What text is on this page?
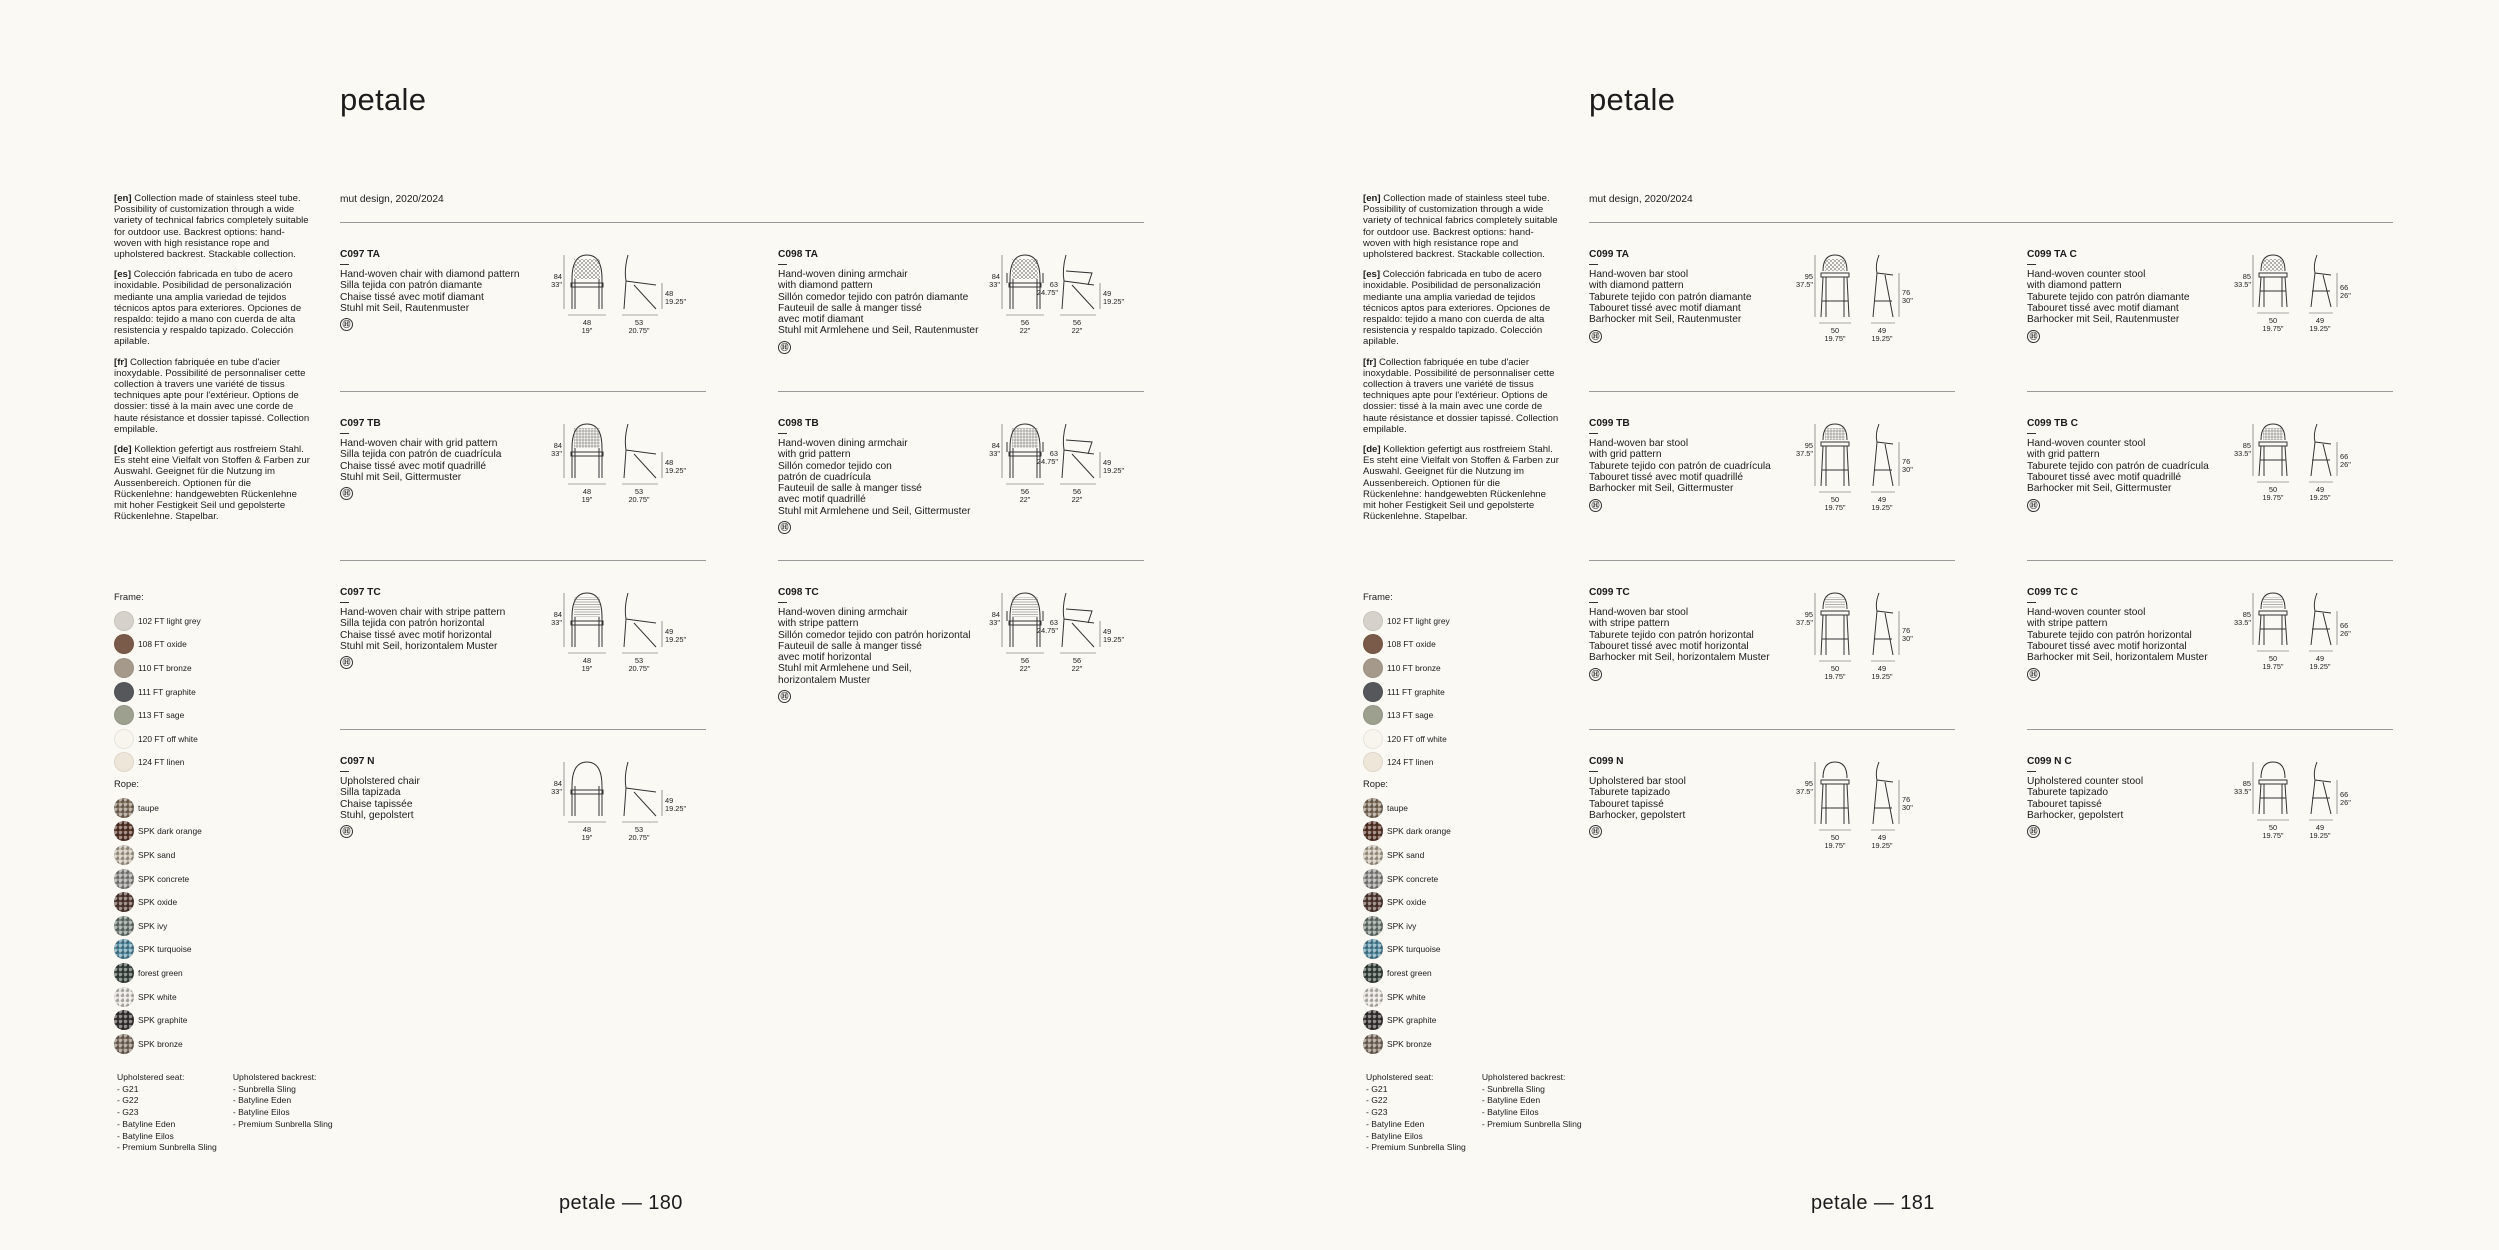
petale

[en] Collection made of stainless steel tube. Possibility of customization through a wide variety of technical fabrics completely suitable for outdoor use. Backrest options: hand-woven with high resistance rope and upholstered backrest. Stackable collection.

[es] Colección fabricada en tubo de acero inoxidable. Posibilidad de personalización mediante una amplia variedad de tejidos técnicos aptos para exteriores. Opciones de respaldo: tejido a mano con cuerda de alta resistencia y respaldo tapizado. Colección apilable.

[fr] Collection fabriquée en tube d'acier inoxydable. Possibilité de personnaliser cette collection à travers une variété de tissus techniques apte pour l'extérieur. Options de dossier: tissé à la main avec une corde de haute résistance et dossier tapissé. Collection empilable.

[de] Kollektion gefertigt aus rostfreiem Stahl. Es steht eine Vielfalt von Stoffen & Farben zur Auswahl. Geeignet für die Nutzung im Aussenbereich. Optionen für die Rückenlehne: handgewebten Rückenlehne mit hoher Festigkeit Seil und gepolsterte Rückenlehne. Stapelbar.

Frame:
102 FT light grey
108 FT oxide
110 FT bronze
111 FT graphite
113 FT sage
120 FT off white
124 FT linen
Rope:
taupe
SPK dark orange
SPK sand
SPK concrete
SPK oxide
SPK ivy
SPK turquoise
forest green
SPK white
SPK graphite
SPK bronze
Upholstered seat:
- G21
- G22
- G23
- Batyline Eden
- Batyline Eilos
- Premium Sunbrella Sling
Upholstered backrest:
- Sunbrella Sling
- Batyline Eden
- Batyline Eilos
- Premium Sunbrella Sling
mut design, 2020/2024
C097 TA
Hand-woven chair with diamond pattern
Silla tejida con patrón diamante
Chaise tissé avec motif diamant
Stuhl mit Seil, Rautenmuster
Ⓗ
84
33"
48
19"
53
20.75"
48
19.25"
C097 TB
Hand-woven chair with grid pattern
Silla tejida con patrón de cuadrícula
Chaise tissé avec motif quadrillé
Stuhl mit Seil, Gittermuster
Ⓗ
84
33"
48
19"
53
20.75"
48
19.25"
C097 TC
Hand-woven chair with stripe pattern
Silla tejida con patrón horizontal
Chaise tissé avec motif horizontal
Stuhl mit Seil, horizontalem Muster
Ⓗ
84
33"
48
19"
53
20.75"
49
19.25"
C097 N
Upholstered chair
Silla tapizada
Chaise tapissée
Stuhl, gepolstert
Ⓗ
84
33"
48
19"
53
20.75"
49
19.25"
C098 TA
Hand-woven dining armchair
with diamond pattern
Sillón comedor tejido con patrón diamante
Fauteuil de salle à manger tissé
avec motif diamant
Stuhl mit Armlehene und Seil, Rautenmuster
Ⓗ
84
33"
56
22"
56
22"
49
19.25"
63
24.75"
C098 TB
Hand-woven dining armchair
with grid pattern
Sillón comedor tejido con
patrón de cuadrícula
Fauteuil de salle à manger tissé
avec motif quadrillé
Stuhl mit Armlehene und Seil, Gittermuster
Ⓗ
84
33"
56
22"
56
22"
49
19.25"
63
24.75"
C098 TC
Hand-woven dining armchair
with stripe pattern
Sillón comedor tejido con patrón horizontal
Fauteuil de salle à manger tissé
avec motif horizontal
Stuhl mit Armlehene und Seil,
horizontalem Muster
Ⓗ
84
33"
56
22"
56
22"
49
19.25"
63
24.75"
petale — 180
petale

[en] Collection made of stainless steel tube. Possibility of customization through a wide variety of technical fabrics completely suitable for outdoor use. Backrest options: hand-woven with high resistance rope and upholstered backrest. Stackable collection.

[es] Colección fabricada en tubo de acero inoxidable. Posibilidad de personalización mediante una amplia variedad de tejidos técnicos aptos para exteriores. Opciones de respaldo: tejido a mano con cuerda de alta resistencia y respaldo tapizado. Colección apilable.

[fr] Collection fabriquée en tube d'acier inoxydable. Possibilité de personnaliser cette collection à travers une variété de tissus techniques apte pour l'extérieur. Options de dossier: tissé à la main avec une corde de haute résistance et dossier tapissé. Collection empilable.

[de] Kollektion gefertigt aus rostfreiem Stahl. Es steht eine Vielfalt von Stoffen & Farben zur Auswahl. Geeignet für die Nutzung im Aussenbereich. Optionen für die Rückenlehne: handgewebten Rückenlehne mit hoher Festigkeit Seil und gepolsterte Rückenlehne. Stapelbar.

Frame:
102 FT light grey
108 FT oxide
110 FT bronze
111 FT graphite
113 FT sage
120 FT off white
124 FT linen
Rope:
taupe
SPK dark orange
SPK sand
SPK concrete
SPK oxide
SPK ivy
SPK turquoise
forest green
SPK white
SPK graphite
SPK bronze
Upholstered seat:
- G21
- G22
- G23
- Batyline Eden
- Batyline Eilos
- Premium Sunbrella Sling
Upholstered backrest:
- Sunbrella Sling
- Batyline Eden
- Batyline Eilos
- Premium Sunbrella Sling
mut design, 2020/2024
C099 TA
Hand-woven bar stool
with diamond pattern
Taburete tejido con patrón diamante
Tabouret tissé avec motif diamant
Barhocker mit Seil, Rautenmuster
Ⓗ
95
37.5"
50
19.75"
49
19.25"
76
30"
C099 TB
Hand-woven bar stool
with grid pattern
Taburete tejido con patrón de cuadrícula
Tabouret tissé avec motif quadrillé
Barhocker mit Seil, Gittermuster
Ⓗ
95
37.5"
50
19.75"
49
19.25"
76
30"
C099 TC
Hand-woven bar stool
with stripe pattern
Taburete tejido con patrón horizontal
Tabouret tissé avec motif horizontal
Barhocker mit Seil, horizontalem Muster
Ⓗ
95
37.5"
50
19.75"
49
19.25"
76
30"
C099 N
Upholstered bar stool
Taburete tapizado
Tabouret tapissé
Barhocker, gepolstert
Ⓗ
95
37.5"
50
19.75"
49
19.25"
76
30"
C099 TA C
Hand-woven counter stool
with diamond pattern
Taburete tejido con patrón diamante
Tabouret tissé avec motif diamant
Barhocker mit Seil, Rautenmuster
Ⓗ
85
33.5"
50
19.75"
49
19.25"
66
26"
C099 TB C
Hand-woven counter stool
with grid pattern
Taburete tejido con patrón de cuadrícula
Tabouret tissé avec motif quadrillé
Barhocker mit Seil, Gittermuster
Ⓗ
85
33.5"
50
19.75"
49
19.25"
66
26"
C099 TC C
Hand-woven counter stool
with stripe pattern
Taburete tejido con patrón horizontal
Tabouret tissé avec motif horizontal
Barhocker mit Seil, horizontalem Muster
Ⓗ
85
33.5"
50
19.75"
49
19.25"
66
26"
C099 N C
Upholstered counter stool
Taburete tapizado
Tabouret tapissé
Barhocker, gepolstert
Ⓗ
85
33.5"
50
19.75"
49
19.25"
66
26"
petale — 181
